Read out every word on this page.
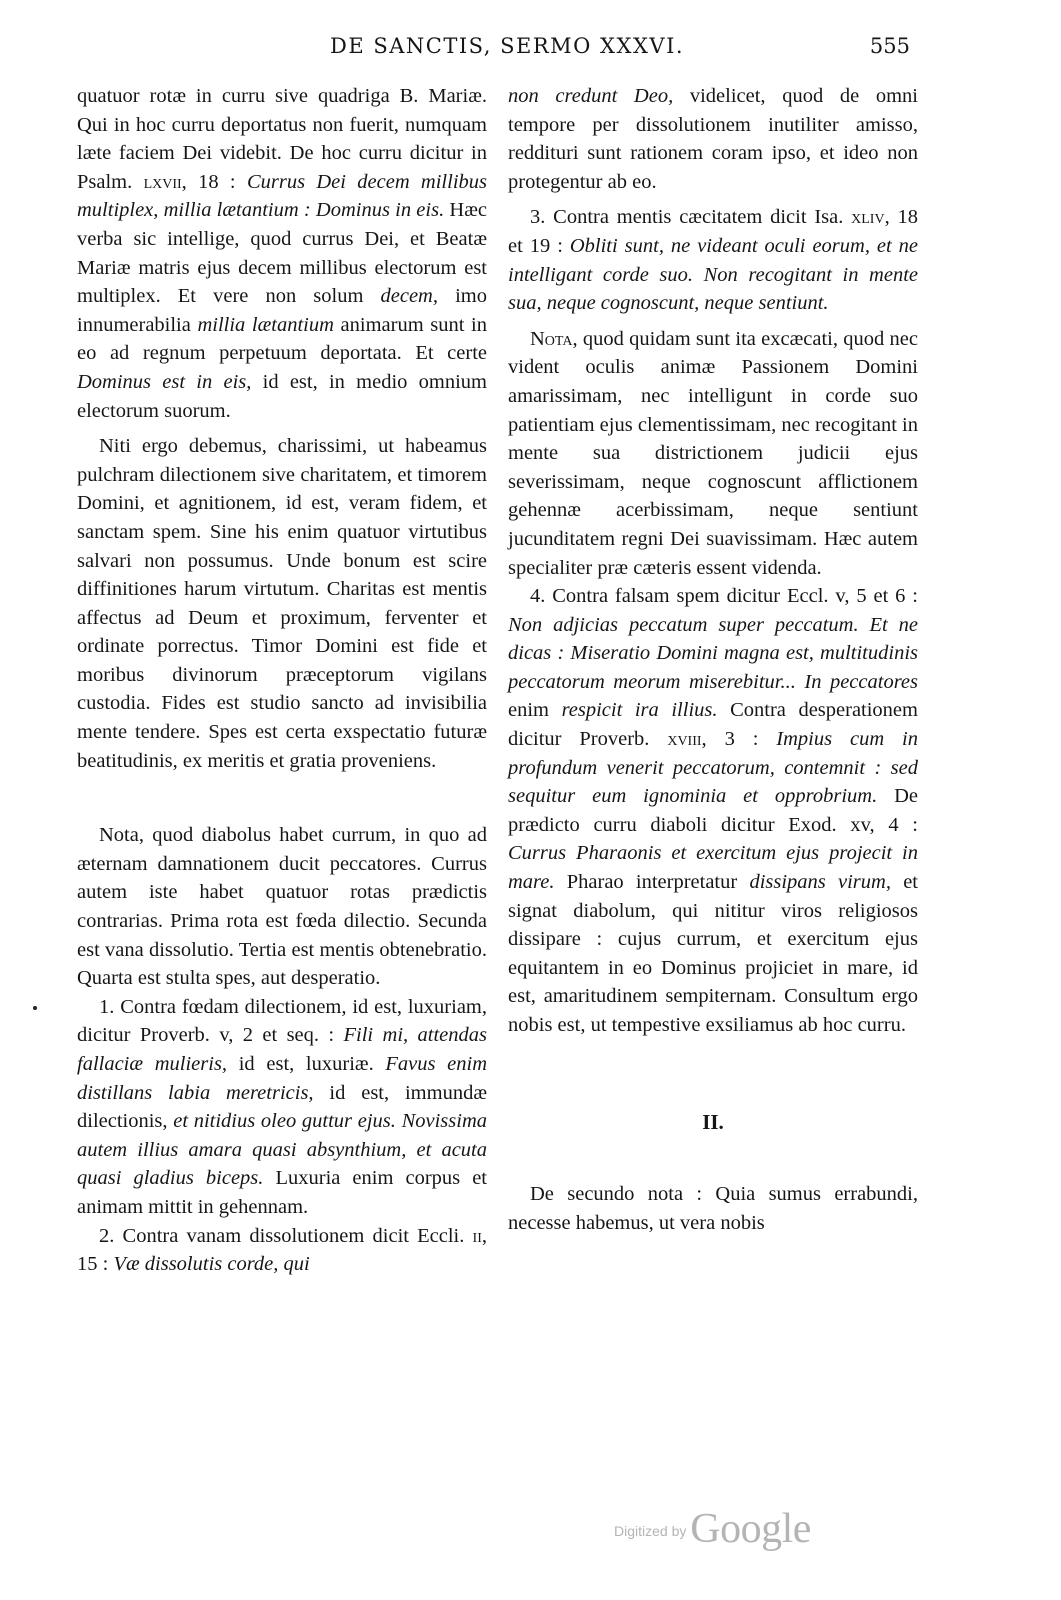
DE SANCTIS, SERMO XXXVI.	555

quatuor rotæ in curru sive quadriga B. Mariæ. Qui in hoc curru deportatus non fuerit, numquam læte faciem Dei videbit. De hoc curru dicitur in Psalm. lxvii, 18 : Currus Dei decem millibus multiplex, millia lætantium : Dominus in eis. Hæc verba sic intellige, quod currus Dei, et Beatæ Mariæ matris ejus decem millibus electorum est multiplex. Et vere non solum decem, imo innumerabilia millia lætantium animarum sunt in eo ad regnum perpetuum deportata. Et certe Dominus est in eis, id est, in medio omnium electorum suorum.

Niti ergo debemus, charissimi, ut habeamus pulchram dilectionem sive charitatem, et timorem Domini, et agnitionem, id est, veram fidem, et sanctam spem. Sine his enim quatuor virtutibus salvari non possumus. Unde bonum est scire diffinitiones harum virtutum. Charitas est mentis affectus ad Deum et proximum, ferventer et ordinate porrectus. Timor Domini est fide et moribus divinorum præceptorum vigilans custodia. Fides est studio sancto ad invisibilia mente tendere. Spes est certa exspectatio futuræ beatitudinis, ex meritis et gratia proveniens.

Nota, quod diabolus habet currum, in quo ad æternam damnationem ducit peccatores. Currus autem iste habet quatuor rotas prædictis contrarias. Prima rota est fœda dilectio. Secunda est vana dissolutio. Tertia est mentis obtenebratio. Quarta est stulta spes, aut desperatio.

1. Contra fœdam dilectionem, id est, luxuriam, dicitur Proverb. v, 2 et seq. : Fili mi, attendas fallaciæ mulieris, id est, luxuriæ. Favus enim distillans labia meretricis, id est, immundæ dilectionis, et nitidius oleo guttur ejus. Novissima autem illius amara quasi absynthium, et acuta quasi gladius biceps. Luxuria enim corpus et animam mittit in gehennam.

2. Contra vanam dissolutionem dicit Eccli. ii, 15 : Væ dissolutis corde, qui

non credunt Deo, videlicet, quod de omni tempore per dissolutionem inutiliter amisso, reddituri sunt rationem coram ipso, et ideo non protegentur ab eo.

3. Contra mentis cæcitatem dicit Isa. xliv, 18 et 19 : Obliti sunt, ne videant oculi eorum, et ne intelligant corde suo. Non recogitant in mente sua, neque cognoscunt, neque sentiunt.

Nota, quod quidam sunt ita excæcati, quod nec vident oculis animæ Passionem Domini amarissimam, nec intelligunt in corde suo patientiam ejus clementissimam, nec recogitant in mente sua districtionem judicii ejus severissimam, neque cognoscunt afflictionem gehennæ acerbissimam, neque sentiunt jucunditatem regni Dei suavissimam. Hæc autem specialiter præ cæteris essent videnda.

4. Contra falsam spem dicitur Eccl. v, 5 et 6 : Non adjicias peccatum super peccatum. Et ne dicas : Miseratio Domini magna est, multitudinis peccatorum meorum miserebitur... In peccatores enim respicit ira illius. Contra desperationem dicitur Proverb. xviii, 3 : Impius cum in profundum venerit peccatorum, contemnit : sed sequitur eum ignominia et opprobrium. De prædicto curru diaboli dicitur Exod. xv, 4 : Currus Pharaonis et exercitum ejus projecit in mare. Pharao interpretatur dissipans virum, et signat diabolum, qui nititur viros religiosos dissipare : cujus currum, et exercitum ejus equitantem in eo Dominus projiciet in mare, id est, amaritudinem sempiternam. Consultum ergo nobis est, ut tempestive exsiliamus ab hoc curru.

II.

De secundo nota : Quia sumus errabundi, necesse habemus, ut vera nobis

Digitized by Google
